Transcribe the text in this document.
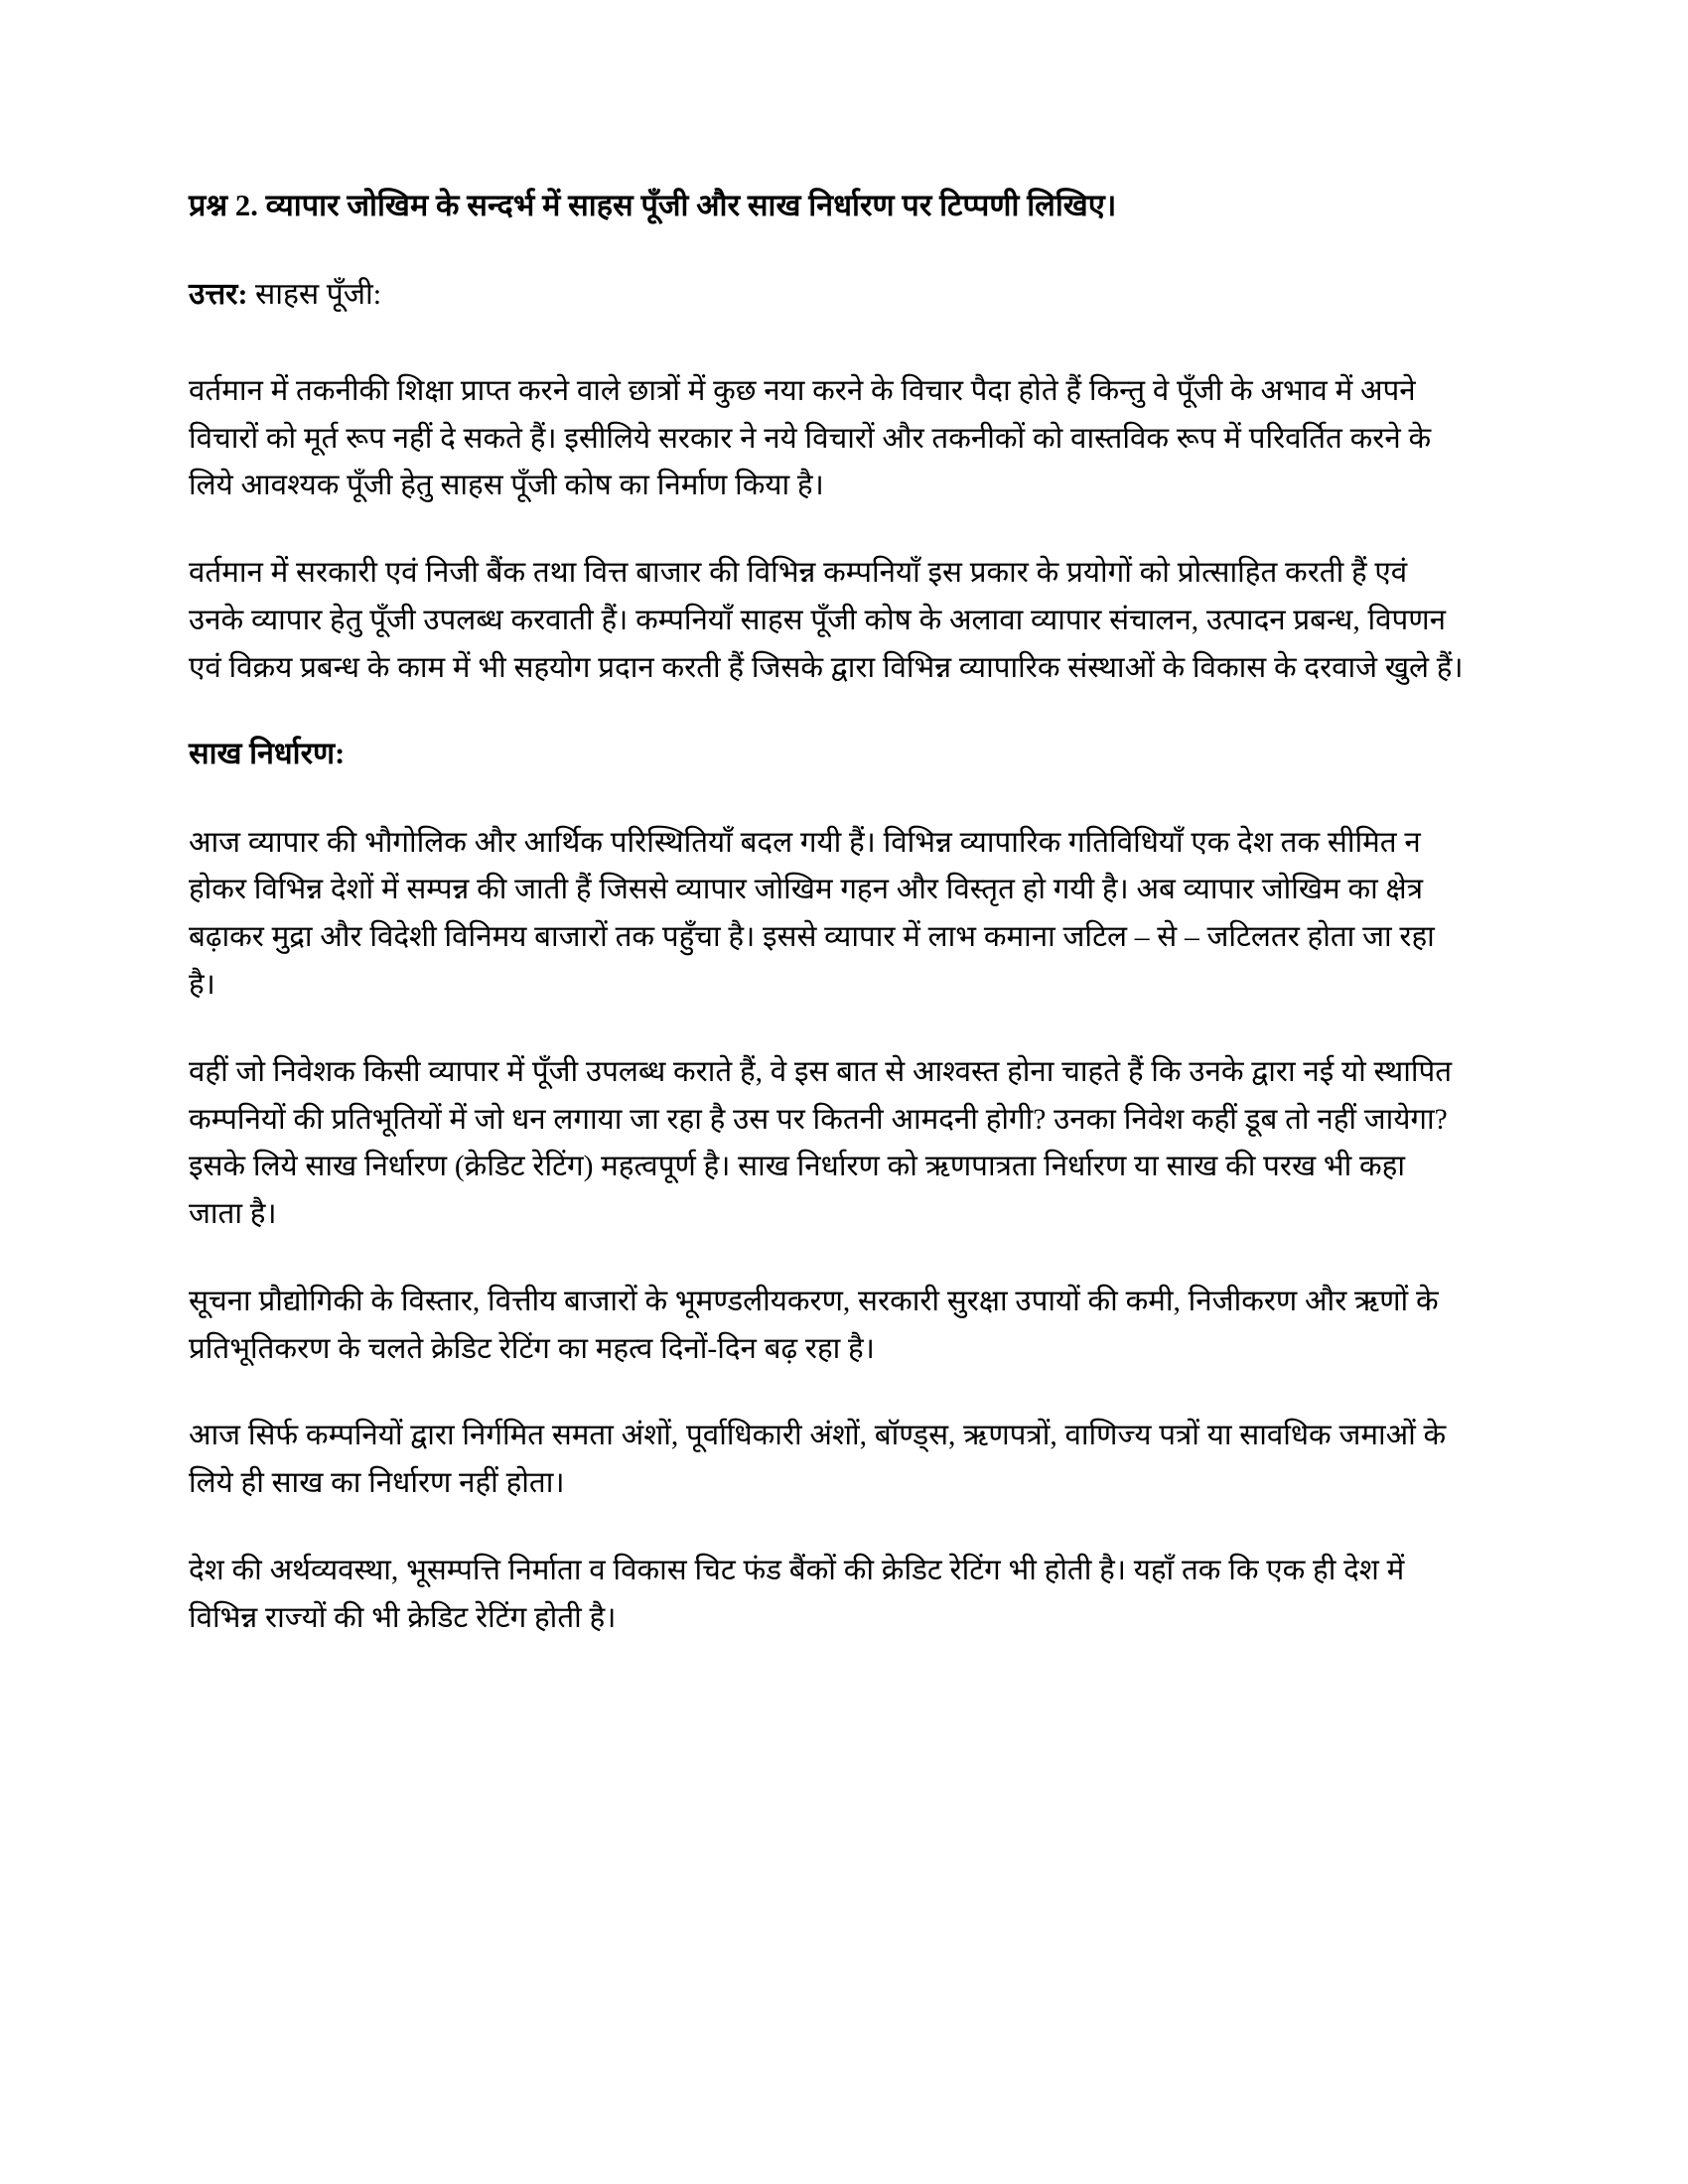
प्रश्न 2. व्यापार जोखिम के सन्दर्भ में साहस पूँजी और साख निर्धारण पर टिप्पणी लिखिए।

उत्तर: साहस पूँजी:

वर्तमान में तकनीकी शिक्षा प्राप्त करने वाले छात्रों में कुछ नया करने के विचार पैदा होते हैं किन्तु वे पूँजी के अभाव में अपने विचारों को मूर्त रूप नहीं दे सकते हैं। इसीलिये सरकार ने नये विचारों और तकनीकों को वास्तविक रूप में परिवर्तित करने के लिये आवश्यक पूँजी हेतु साहस पूँजी कोष का निर्माण किया है।

वर्तमान में सरकारी एवं निजी बैंक तथा वित्त बाजार की विभिन्न कम्पनियाँ इस प्रकार के प्रयोगों को प्रोत्साहित करती हैं एवं उनके व्यापार हेतु पूँजी उपलब्ध करवाती हैं। कम्पनियाँ साहस पूँजी कोष के अलावा व्यापार संचालन, उत्पादन प्रबन्ध, विपणन एवं विक्रय प्रबन्ध के काम में भी सहयोग प्रदान करती हैं जिसके द्वारा विभिन्न व्यापारिक संस्थाओं के विकास के दरवाजे खुले हैं।

साख निर्धारण:

आज व्यापार की भौगोलिक और आर्थिक परिस्थितियाँ बदल गयी हैं। विभिन्न व्यापारिक गतिविधियाँ एक देश तक सीमित न होकर विभिन्न देशों में सम्पन्न की जाती हैं जिससे व्यापार जोखिम गहन और विस्तृत हो गयी है। अब व्यापार जोखिम का क्षेत्र बढ़ाकर मुद्रा और विदेशी विनिमय बाजारों तक पहुँचा है। इससे व्यापार में लाभ कमाना जटिल – से – जटिलतर होता जा रहा है।

वहीं जो निवेशक किसी व्यापार में पूँजी उपलब्ध कराते हैं, वे इस बात से आश्वस्त होना चाहते हैं कि उनके द्वारा नई यो स्थापित कम्पनियों की प्रतिभूतियों में जो धन लगाया जा रहा है उस पर कितनी आमदनी होगी? उनका निवेश कहीं डूब तो नहीं जायेगा? इसके लिये साख निर्धारण (क्रेडिट रेटिंग) महत्वपूर्ण है। साख निर्धारण को ऋणपात्रता निर्धारण या साख की परख भी कहा जाता है।

सूचना प्रौद्योगिकी के विस्तार, वित्तीय बाजारों के भूमण्डलीयकरण, सरकारी सुरक्षा उपायों की कमी, निजीकरण और ऋणों के प्रतिभूतिकरण के चलते क्रेडिट रेटिंग का महत्व दिनों-दिन बढ़ रहा है।

आज सिर्फ कम्पनियों द्वारा निर्गमित समता अंशों, पूर्वाधिकारी अंशों, बॉण्ड्स, ऋणपत्रों, वाणिज्य पत्रों या सावधिक जमाओं के लिये ही साख का निर्धारण नहीं होता।

देश की अर्थव्यवस्था, भूसम्पत्ति निर्माता व विकास चिट फंड बैंकों की क्रेडिट रेटिंग भी होती है। यहाँ तक कि एक ही देश में विभिन्न राज्यों की भी क्रेडिट रेटिंग होती है।
